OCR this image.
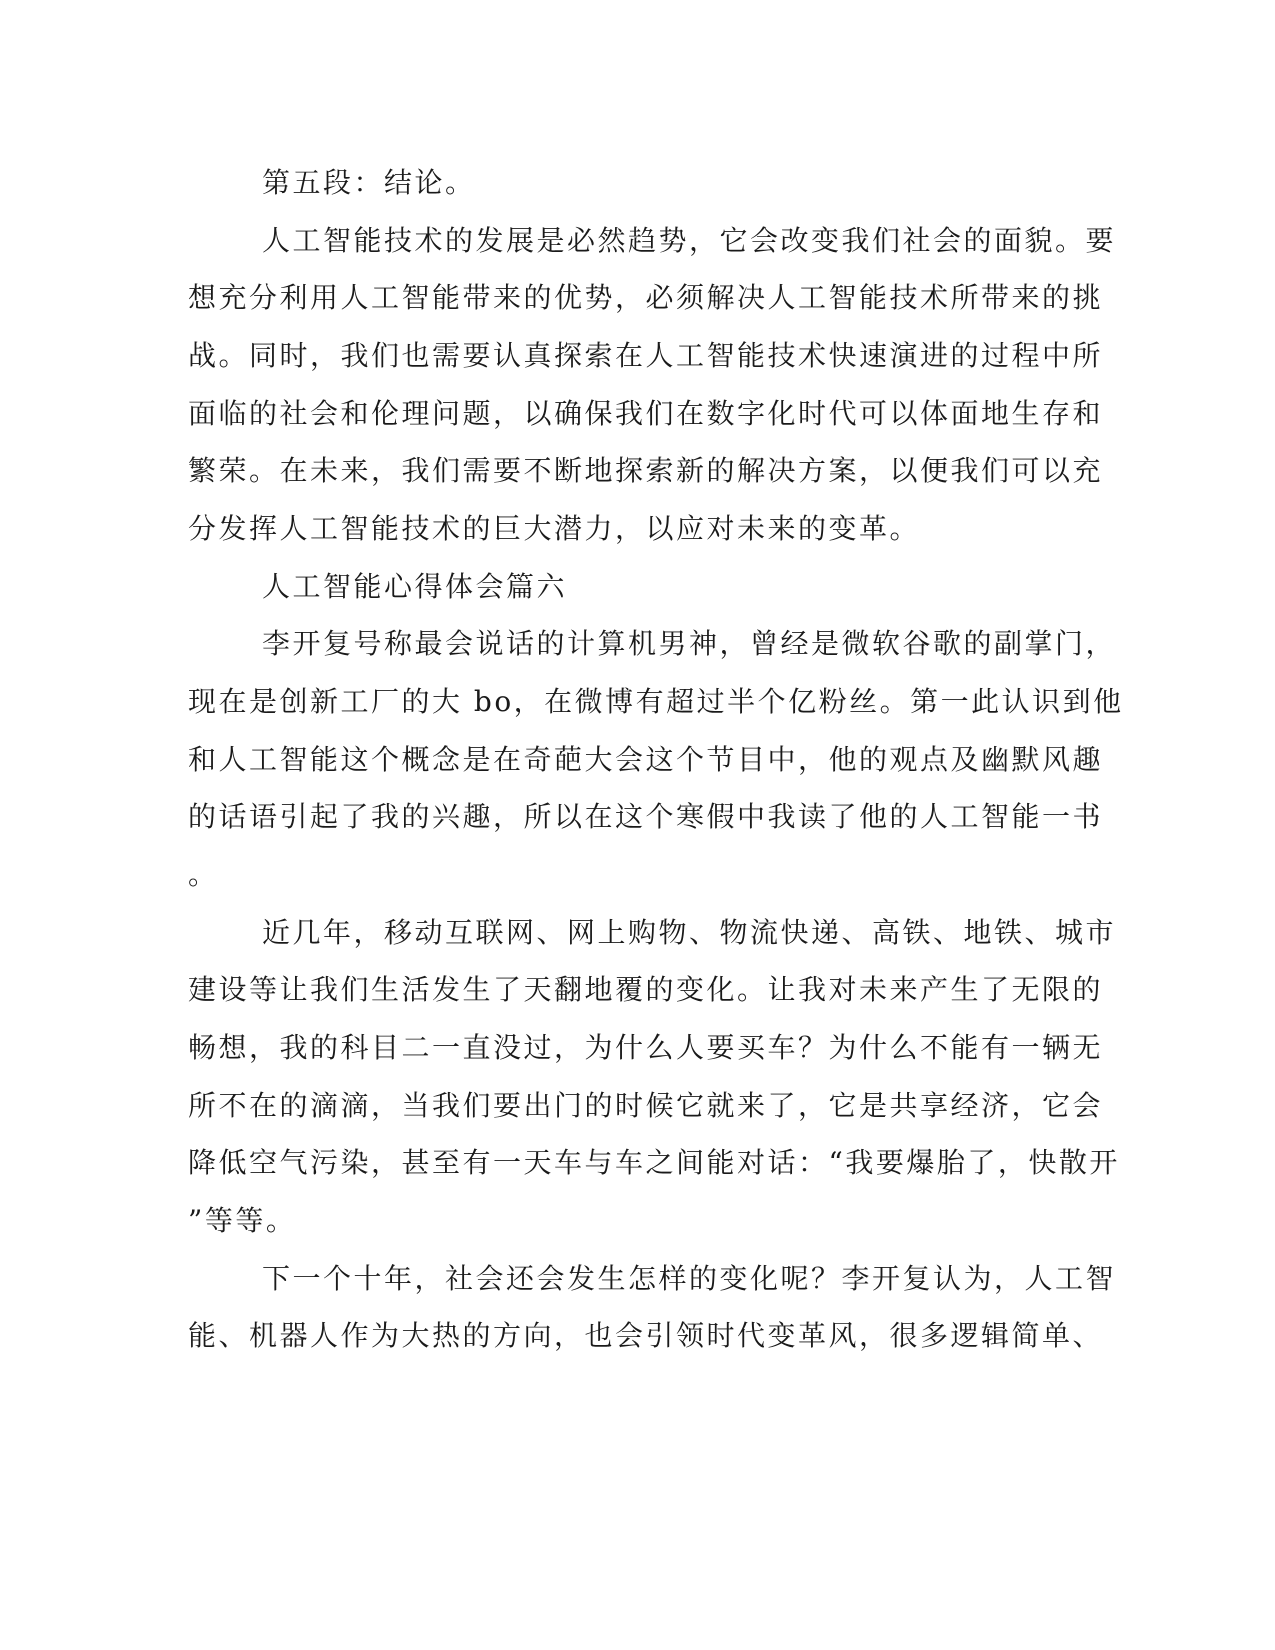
第五段：结论。
人工智能技术的发展是必然趋势，它会改变我们社会的面貌。要
想充分利用人工智能带来的优势，必须解决人工智能技术所带来的挑
战。同时，我们也需要认真探索在人工智能技术快速演进的过程中所
面临的社会和伦理问题，以确保我们在数字化时代可以体面地生存和
繁荣。在未来，我们需要不断地探索新的解决方案，以便我们可以充
分发挥人工智能技术的巨大潜力，以应对未来的变革。
人工智能心得体会篇六
李开复号称最会说话的计算机男神，曾经是微软谷歌的副掌门，
现在是创新工厂的大 bo，在微博有超过半个亿粉丝。第一此认识到他
和人工智能这个概念是在奇葩大会这个节目中，他的观点及幽默风趣
的话语引起了我的兴趣，所以在这个寒假中我读了他的人工智能一书
。
近几年，移动互联网、网上购物、物流快递、高铁、地铁、城市
建设等让我们生活发生了天翻地覆的变化。让我对未来产生了无限的
畅想，我的科目二一直没过，为什么人要买车？为什么不能有一辆无
所不在的滴滴，当我们要出门的时候它就来了，它是共享经济，它会
降低空气污染，甚至有一天车与车之间能对话：“我要爆胎了，快散开
”等等。
下一个十年，社会还会发生怎样的变化呢？李开复认为，人工智
能、机器人作为大热的方向，也会引领时代变革风，很多逻辑简单、
